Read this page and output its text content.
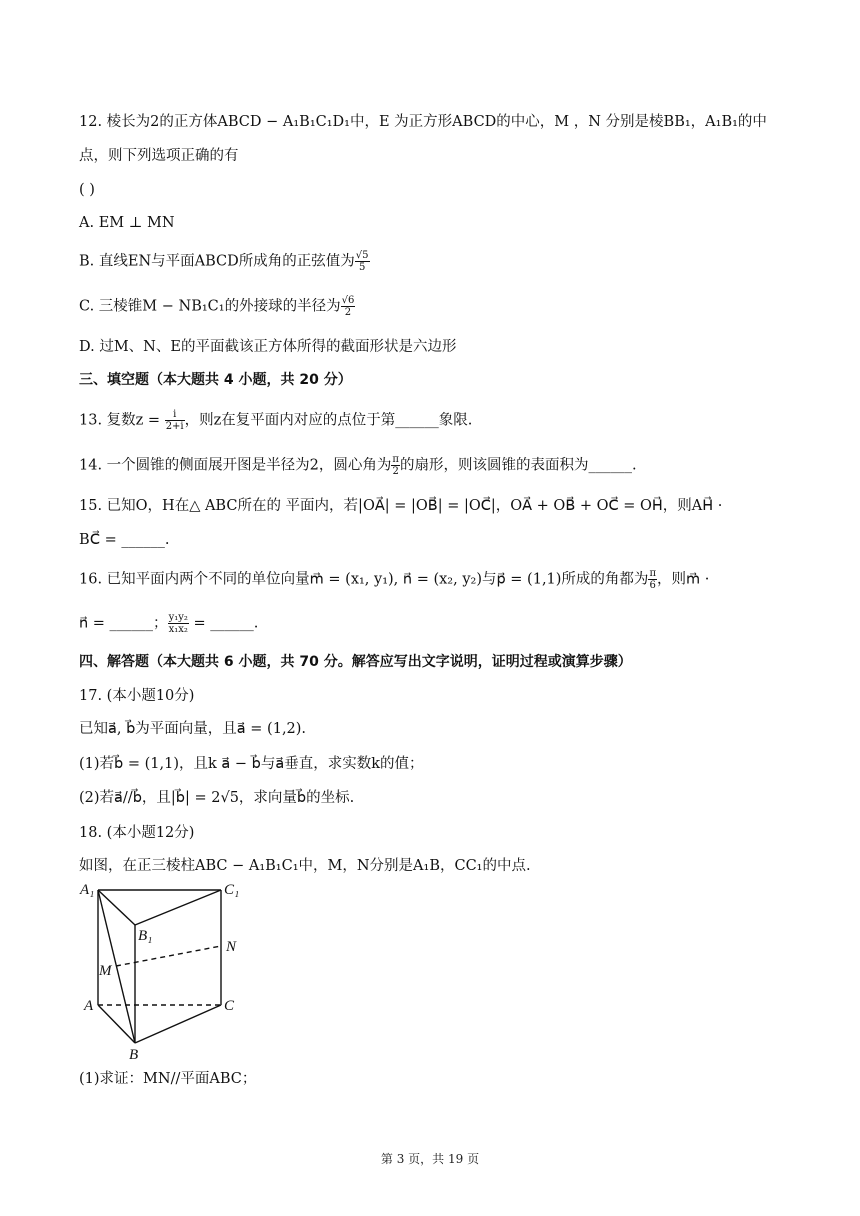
12. 棱长为2的正方体ABCD − A₁B₁C₁D₁中，E 为正方形ABCD的中心，M ，N 分别是棱BB₁，A₁B₁的中
点，则下列选项正确的有
( )
A. EM ⊥ MN
B. 直线EN与平面ABCD所成角的正弦值为 $\frac{√5}{5}$
C. 三棱锥M − NB₁C₁的外接球的半径为 $\frac{√6}{2}$
D. 过M、N、E的平面截该正方体所得的截面形状是六边形
三、填空题（本大题共 4 小题，共 20 分）
13. 复数$z = \frac{i}{2+i}$ ，则z在复平面内对应的点位于第______象限.
14. 一个圆锥的侧面展开图是半径为2，圆心角为 $\frac{\pi}{2}$ 的扇形，则该圆锥的表面积为______.
15. 已知O，H在△ ABC所在的 平面内，若|OA⃗| = |OB⃗| = |OC⃗|，OA⃗ + OB⃗ + OC⃗ = OH⃗，则AH⃗ ·
BC⃗ = ______.
16. 已知平面内两个不同的单位向量m⃗ = (x₁, y₁), n⃗ = (x₂, y₂)与p⃗ = (1,1)所成的角都为 $\frac{\pi}{6}$ ，则m⃗ ·
n⃗ = ______； $\frac{\text{y₁y₂}}{\text{x₁x₂}}$ = ______.
四、解答题（本大题共 6 小题，共 70 分。解答应写出文字说明，证明过程或演算步骤）
17. (本小题10分)
已知a⃗, b⃗为平面向量，且a⃗ = (1,2).
(1)若b⃗ = (1,1)，且k a⃗ − b⃗与a⃗垂直，求实数k的值；
(2)若a⃗//b⃗，且|b⃗| = 2√5，求向量b⃗的坐标.
18. (本小题12分)
如图，在正三棱柱ABC − A₁B₁C₁中，M，N分别是A₁B，CC₁的中点.
A₁	C₁
B₁
N
M
A	C
B
(1)求证：MN//平面ABC；
第 3 页，共 19 页
